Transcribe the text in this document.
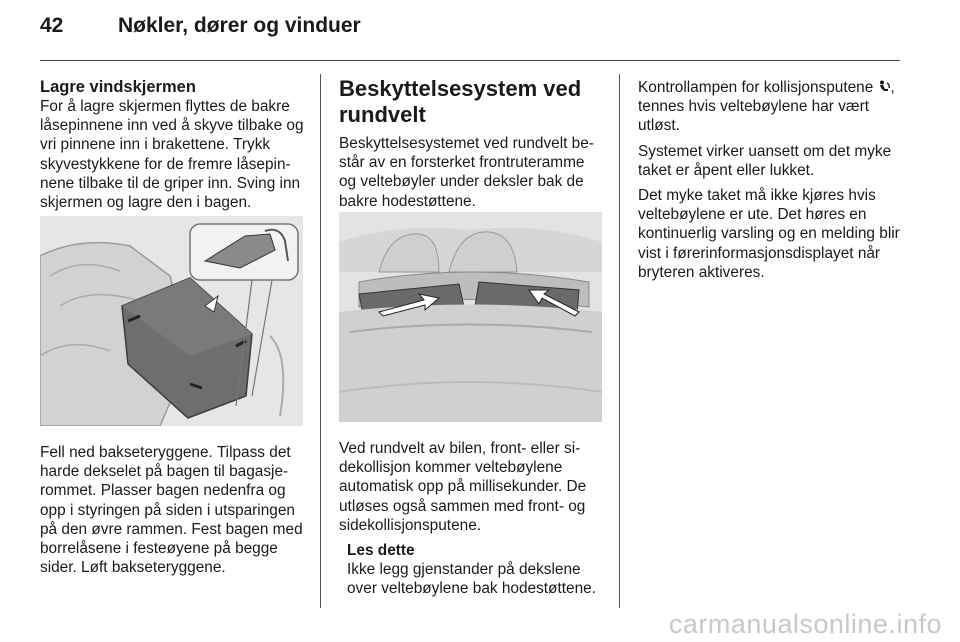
42	Nøkler, dører og vinduer
Lagre vindskjermen

For å lagre skjermen flyttes de bakre låsepinnene inn ved å skyve tilbake og vri pinnene inn i brakettene. Trykk skyvestykkene for de fremre låsepinnene tilbake til de griper inn. Sving inn skjermen og lagre den i bagen.

Fell ned bakseteryggene. Tilpass det harde dekselet på bagen til bagasjerommet. Plasser bagen nedenfra og opp i styringen på siden i utsparingen på den øvre rammen. Fest bagen med borrelåsene i festeøyene på begge sider. Løft bakseteryggene.

Beskyttelsesystem ved rundvelt

Beskyttelsesystemet ved rundvelt består av en forsterket frontruteramme og veltebøyler under deksler bak de bakre hodestøttene.

Ved rundvelt av bilen, front- eller sidekollisjon kommer veltebøylene automatisk opp på millisekunder. De utløses også sammen med front- og sidekollisjonsputene.

Les dette
Ikke legg gjenstander på dekslene over veltebøylene bak hodestøttene.

Kontrollampen for kollisjonsputene , tennes hvis veltebøylene har vært utløst.

Systemet virker uansett om det myke taket er åpent eller lukket.

Det myke taket må ikke kjøres hvis veltebøylene er ute. Det høres en kontinuerlig varsling og en melding blir vist i førerinformasjonsdisplayet når bryteren aktiveres.

carmanualsonline.info
